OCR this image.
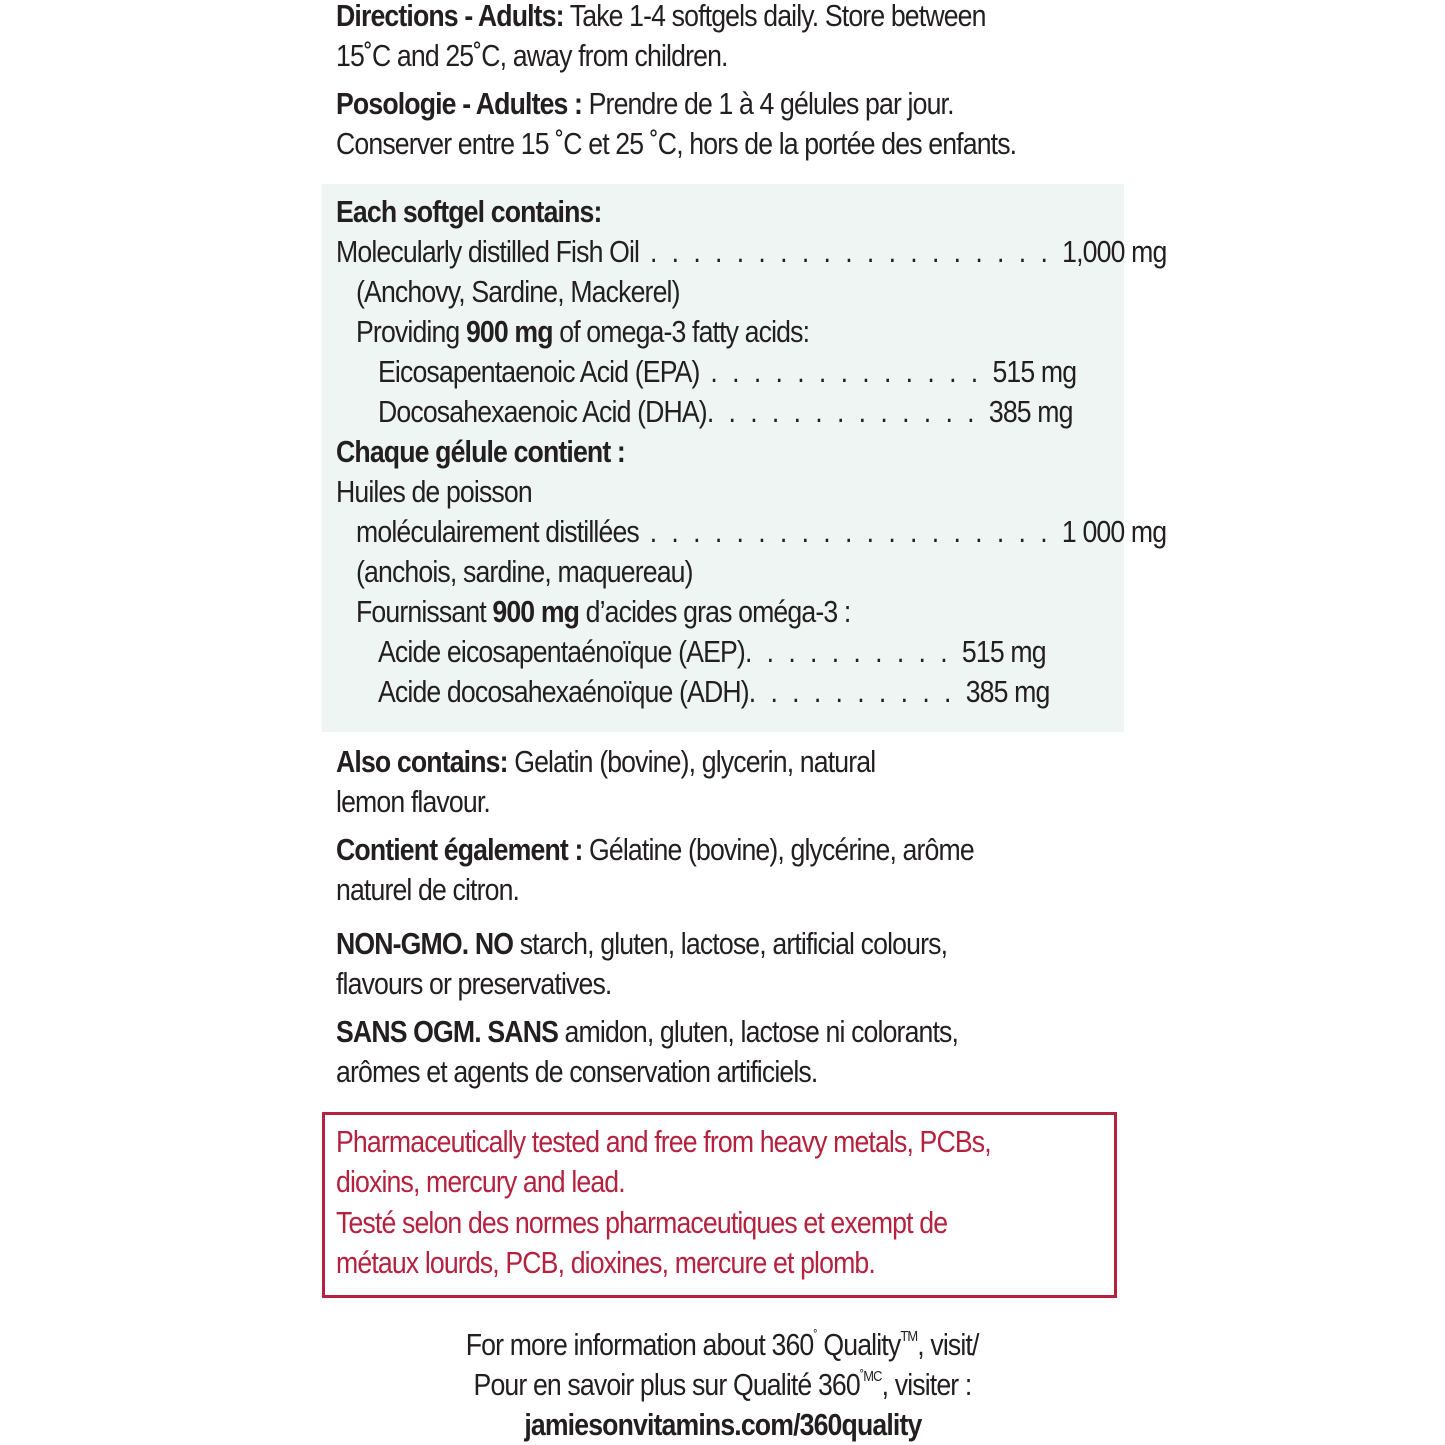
Directions - Adults: Take 1-4 softgels daily. Store between
15˚C and 25˚C, away from children.
Posologie - Adultes : Prendre de 1 à 4 gélules par jour.
Conserver entre 15 ˚C et 25 ˚C, hors de la portée des enfants.
Each softgel contains:
Molecularly distilled Fish Oil . . . . . . . . . . . . . . . . . . . 1,000 mg
(Anchovy, Sardine, Mackerel)
Providing 900 mg of omega-3 fatty acids:
Eicosapentaenoic Acid (EPA) . . . . . . . . . . . . . 515 mg
Docosahexaenoic Acid (DHA). . . . . . . . . . . . . 385 mg
Chaque gélule contient :
Huiles de poisson
moléculairement distillées . . . . . . . . . . . . . . . . . . . 1 000 mg
(anchois, sardine, maquereau)
Fournissant 900 mg d’acides gras oméga-3 :
Acide eicosapentaénoïque (AEP). . . . . . . . . . 515 mg
Acide docosahexaénoïque (ADH). . . . . . . . . . 385 mg
Also contains: Gelatin (bovine), glycerin, natural
lemon flavour.
Contient également : Gélatine (bovine), glycérine, arôme
naturel de citron.
NON-GMO. NO starch, gluten, lactose, artificial colours,
flavours or preservatives.
SANS OGM. SANS amidon, gluten, lactose ni colorants,
arômes et agents de conservation artificiels.
Pharmaceutically tested and free from heavy metals, PCBs,
dioxins, mercury and lead.
Testé selon des normes pharmaceutiques et exempt de
métaux lourds, PCB, dioxines, mercure et plomb.
For more information about 360˚ Quality™, visit/
Pour en savoir plus sur Qualité $360^{˚MC}$, visiter :
jamiesonvitamins.com/360quality
